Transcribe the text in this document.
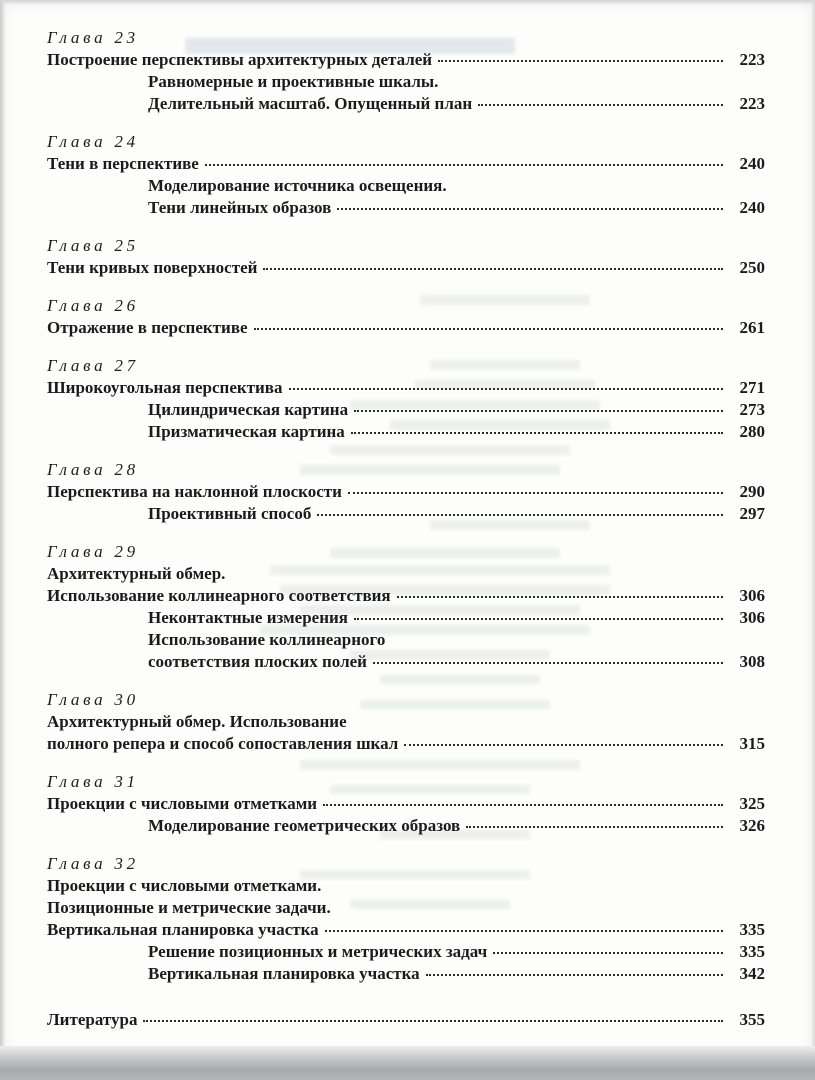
Глава 23
Построение перспективы архитектурных деталей	223
Равномерные и проективные шкалы.
Делительный масштаб. Опущенный план	223
Глава 24
Тени в перспективе	240
Моделирование источника освещения.
Тени линейных образов	240
Глава 25
Тени кривых поверхностей	250
Глава 26
Отражение в перспективе	261
Глава 27
Широкоугольная перспектива	271
Цилиндрическая картина	273
Призматическая картина	280
Глава 28
Перспектива на наклонной плоскости	290
Проективный способ	297
Глава 29
Архитектурный обмер.
Использование коллинеарного соответствия	306
Неконтактные измерения	306
Использование коллинеарного
соответствия плоских полей	308
Глава 30
Архитектурный обмер. Использование
полного репера и способ сопоставления шкал	315
Глава 31
Проекции с числовыми отметками	325
Моделирование геометрических образов	326
Глава 32
Проекции с числовыми отметками.
Позиционные и метрические задачи.
Вертикальная планировка участка	335
Решение позиционных и метрических задач	335
Вертикальная планировка участка	342
Литература	355
